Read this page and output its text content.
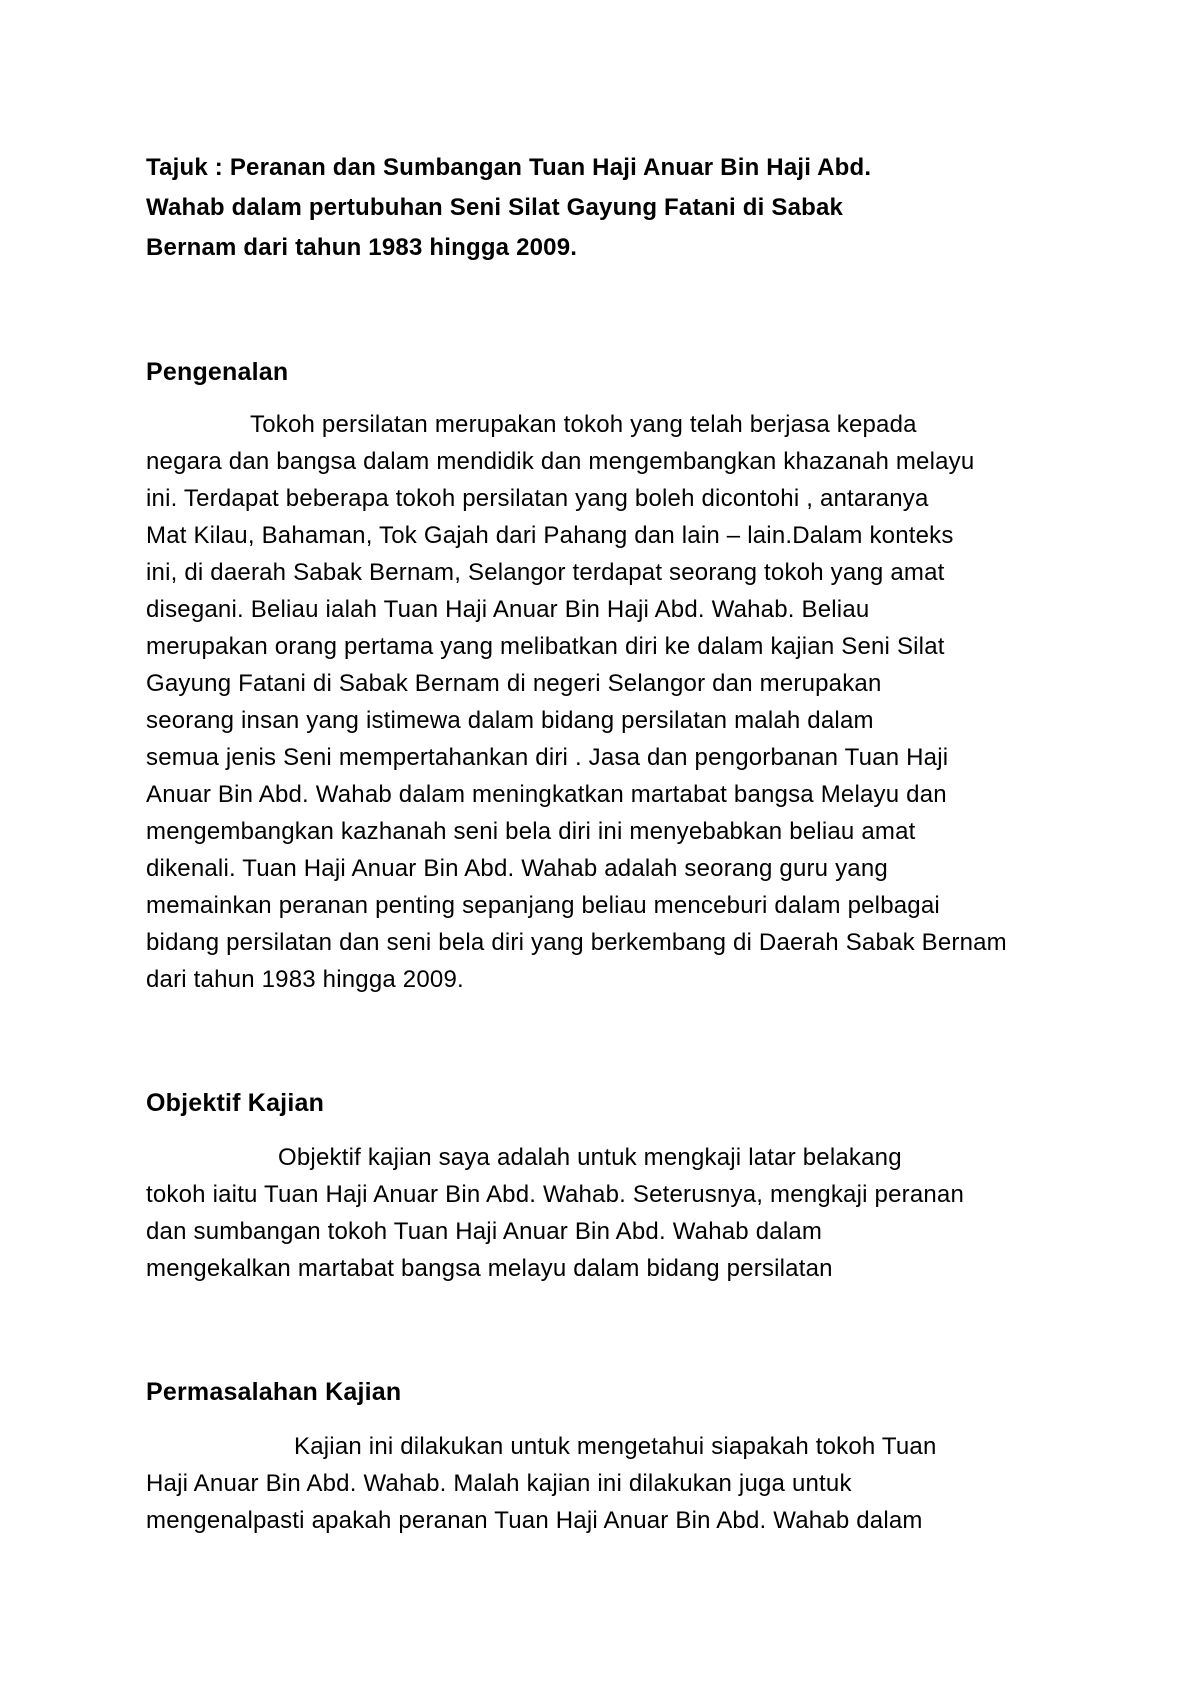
Tajuk : Peranan dan Sumbangan Tuan Haji Anuar Bin Haji Abd.
Wahab dalam pertubuhan Seni Silat Gayung Fatani di Sabak
Bernam dari tahun 1983 hingga 2009.
Pengenalan
Tokoh persilatan merupakan tokoh yang telah berjasa kepada
negara dan bangsa dalam mendidik dan mengembangkan khazanah melayu
ini. Terdapat beberapa tokoh persilatan yang boleh dicontohi , antaranya
Mat Kilau, Bahaman, Tok Gajah dari Pahang dan lain – lain.Dalam konteks
ini, di daerah Sabak Bernam, Selangor terdapat seorang tokoh yang amat
disegani. Beliau ialah Tuan Haji Anuar Bin Haji Abd. Wahab. Beliau
merupakan orang pertama yang melibatkan diri ke dalam kajian Seni Silat
Gayung Fatani di Sabak Bernam di negeri Selangor dan merupakan
seorang insan yang istimewa dalam bidang persilatan malah dalam
semua jenis Seni mempertahankan diri . Jasa dan pengorbanan Tuan Haji
Anuar Bin Abd. Wahab dalam meningkatkan martabat bangsa Melayu dan
mengembangkan kazhanah seni bela diri ini menyebabkan beliau amat
dikenali. Tuan Haji Anuar Bin Abd. Wahab adalah seorang guru yang
memainkan peranan penting sepanjang beliau menceburi dalam pelbagai
bidang persilatan dan seni bela diri yang berkembang di Daerah Sabak Bernam
dari tahun 1983 hingga 2009.
Objektif Kajian
Objektif kajian saya adalah untuk mengkaji latar belakang
tokoh iaitu Tuan Haji Anuar Bin Abd. Wahab. Seterusnya, mengkaji peranan
dan sumbangan tokoh Tuan Haji Anuar Bin Abd. Wahab dalam
mengekalkan martabat bangsa melayu dalam bidang persilatan
Permasalahan Kajian
Kajian ini dilakukan untuk mengetahui siapakah tokoh Tuan
Haji Anuar Bin Abd. Wahab. Malah kajian ini dilakukan juga untuk
mengenalpasti apakah peranan Tuan Haji Anuar Bin Abd. Wahab dalam
